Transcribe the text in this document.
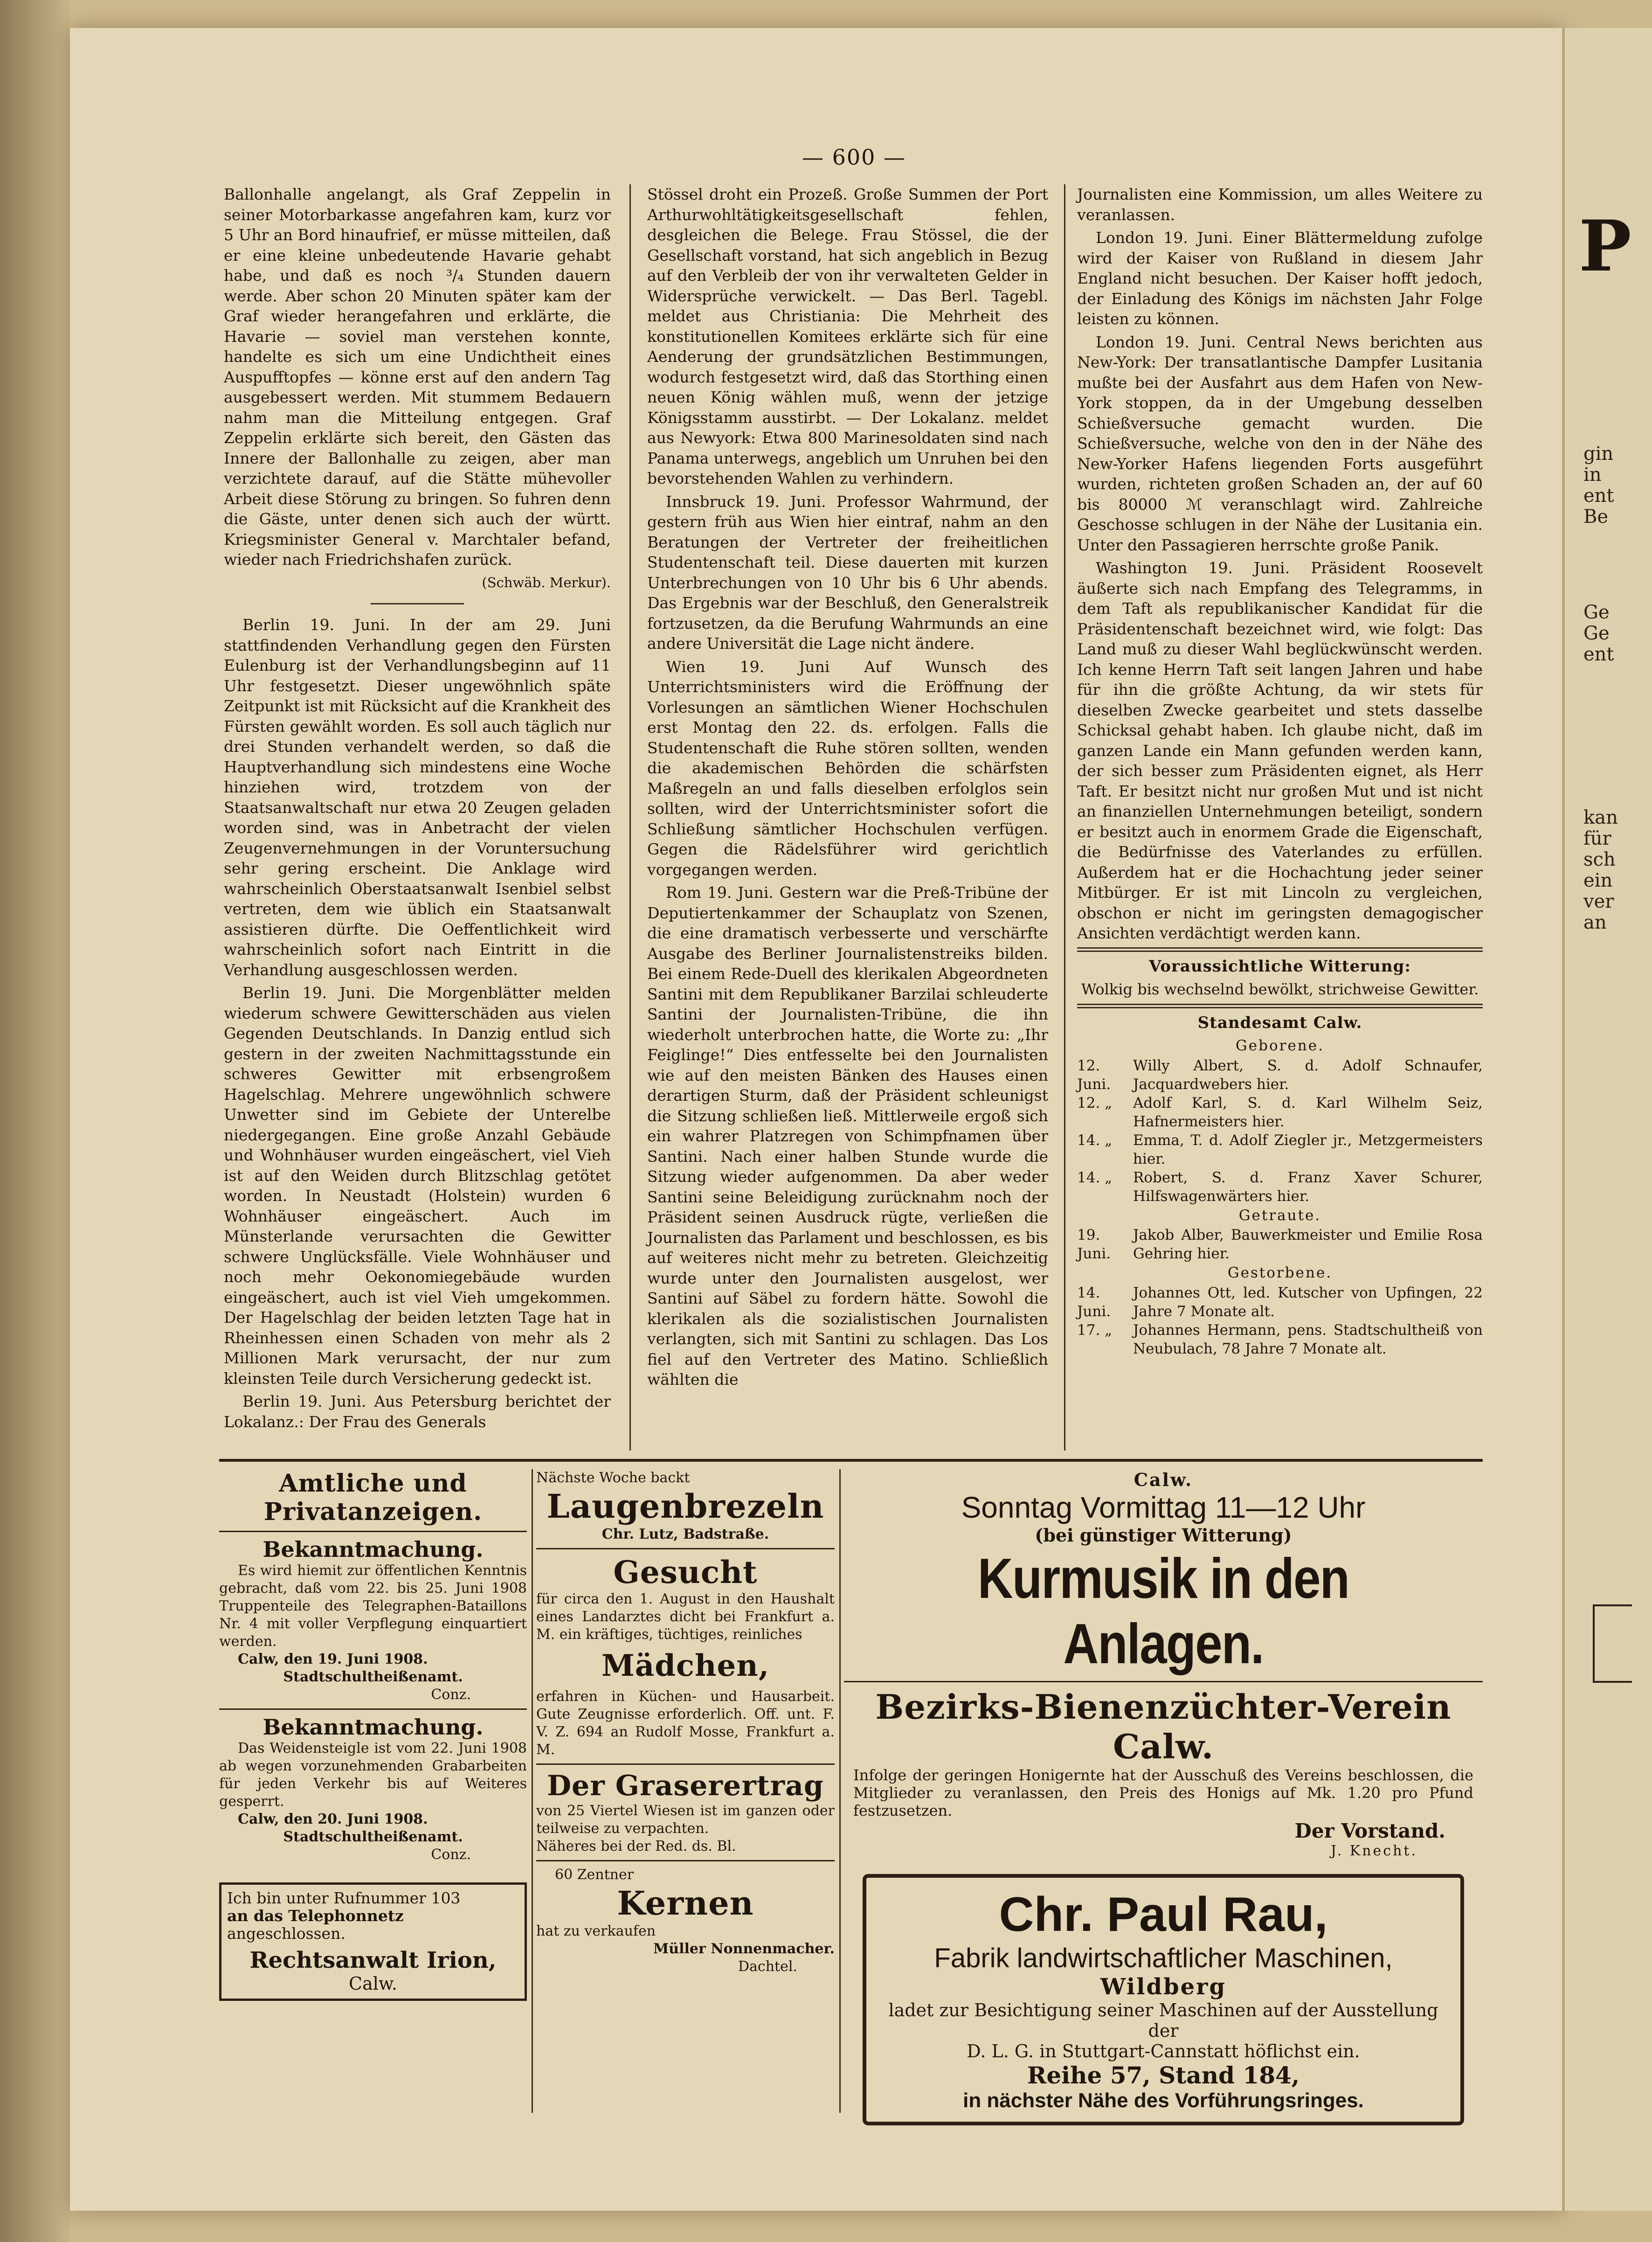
P
gin
in
ent
Be
Ge
Ge
ent
kan
für
sch
ein
ver
an
— 600 —

Ballonhalle angelangt, als Graf Zeppelin in seiner Motorbarkasse angefahren kam, kurz vor 5 Uhr an Bord hinaufrief, er müsse mitteilen, daß er eine kleine unbedeutende Havarie gehabt habe, und daß es noch ³/₄ Stunden dauern werde. Aber schon 20 Minuten später kam der Graf wieder herangefahren und erklärte, die Havarie — soviel man verstehen konnte, handelte es sich um eine Undichtheit eines Auspufftopfes — könne erst auf den andern Tag ausgebessert werden. Mit stummem Bedauern nahm man die Mitteilung entgegen. Graf Zeppelin erklärte sich bereit, den Gästen das Innere der Ballonhalle zu zeigen, aber man verzichtete darauf, auf die Stätte mühevoller Arbeit diese Störung zu bringen. So fuhren denn die Gäste, unter denen sich auch der württ. Kriegsminister General v. Marchtaler befand, wieder nach Friedrichshafen zurück.

(Schwäb. Merkur).

Berlin 19. Juni. In der am 29. Juni stattfindenden Verhandlung gegen den Fürsten Eulenburg ist der Verhandlungsbeginn auf 11 Uhr festgesetzt. Dieser ungewöhnlich späte Zeitpunkt ist mit Rücksicht auf die Krankheit des Fürsten gewählt worden. Es soll auch täglich nur drei Stunden verhandelt werden, so daß die Hauptverhandlung sich mindestens eine Woche hinziehen wird, trotzdem von der Staatsanwaltschaft nur etwa 20 Zeugen geladen worden sind, was in Anbetracht der vielen Zeugenvernehmungen in der Voruntersuchung sehr gering erscheint. Die Anklage wird wahrscheinlich Oberstaatsanwalt Isenbiel selbst vertreten, dem wie üblich ein Staatsanwalt assistieren dürfte. Die Oeffentlichkeit wird wahrscheinlich sofort nach Eintritt in die Verhandlung ausgeschlossen werden.

Berlin 19. Juni. Die Morgenblätter melden wiederum schwere Gewitterschäden aus vielen Gegenden Deutschlands. In Danzig entlud sich gestern in der zweiten Nachmittagsstunde ein schweres Gewitter mit erbsengroßem Hagelschlag. Mehrere ungewöhnlich schwere Unwetter sind im Gebiete der Unterelbe niedergegangen. Eine große Anzahl Gebäude und Wohnhäuser wurden eingeäschert, viel Vieh ist auf den Weiden durch Blitzschlag getötet worden. In Neustadt (Holstein) wurden 6 Wohnhäuser eingeäschert. Auch im Münsterlande verursachten die Gewitter schwere Unglücksfälle. Viele Wohnhäuser und noch mehr Oekonomiegebäude wurden eingeäschert, auch ist viel Vieh umgekommen. Der Hagelschlag der beiden letzten Tage hat in Rheinhessen einen Schaden von mehr als 2 Millionen Mark verursacht, der nur zum kleinsten Teile durch Versicherung gedeckt ist.

Berlin 19. Juni. Aus Petersburg berichtet der Lokalanz.: Der Frau des Generals

Stössel droht ein Prozeß. Große Summen der Port Arthurwohltätigkeitsgesellschaft fehlen, desgleichen die Belege. Frau Stössel, die der Gesellschaft vorstand, hat sich angeblich in Bezug auf den Verbleib der von ihr verwalteten Gelder in Widersprüche verwickelt. — Das Berl. Tagebl. meldet aus Christiania: Die Mehrheit des konstitutionellen Komitees erklärte sich für eine Aenderung der grundsätzlichen Bestimmungen, wodurch festgesetzt wird, daß das Storthing einen neuen König wählen muß, wenn der jetzige Königsstamm ausstirbt. — Der Lokalanz. meldet aus Newyork: Etwa 800 Marinesoldaten sind nach Panama unterwegs, angeblich um Unruhen bei den bevorstehenden Wahlen zu verhindern.

Innsbruck 19. Juni. Professor Wahrmund, der gestern früh aus Wien hier eintraf, nahm an den Beratungen der Vertreter der freiheitlichen Studentenschaft teil. Diese dauerten mit kurzen Unterbrechungen von 10 Uhr bis 6 Uhr abends. Das Ergebnis war der Beschluß, den Generalstreik fortzusetzen, da die Berufung Wahrmunds an eine andere Universität die Lage nicht ändere.

Wien 19. Juni Auf Wunsch des Unterrichtsministers wird die Eröffnung der Vorlesungen an sämtlichen Wiener Hochschulen erst Montag den 22. ds. erfolgen. Falls die Studentenschaft die Ruhe stören sollten, wenden die akademischen Behörden die schärfsten Maßregeln an und falls dieselben erfolglos sein sollten, wird der Unterrichtsminister sofort die Schließung sämtlicher Hochschulen verfügen. Gegen die Rädelsführer wird gerichtlich vorgegangen werden.

Rom 19. Juni. Gestern war die Preß-Tribüne der Deputiertenkammer der Schauplatz von Szenen, die eine dramatisch verbesserte und verschärfte Ausgabe des Berliner Journalistenstreiks bilden. Bei einem Rede-Duell des klerikalen Abgeordneten Santini mit dem Republikaner Barzilai schleuderte Santini der Journalisten-Tribüne, die ihn wiederholt unterbrochen hatte, die Worte zu: „Ihr Feiglinge!“ Dies entfesselte bei den Journalisten wie auf den meisten Bänken des Hauses einen derartigen Sturm, daß der Präsident schleunigst die Sitzung schließen ließ. Mittlerweile ergoß sich ein wahrer Platzregen von Schimpfnamen über Santini. Nach einer halben Stunde wurde die Sitzung wieder aufgenommen. Da aber weder Santini seine Beleidigung zurücknahm noch der Präsident seinen Ausdruck rügte, verließen die Journalisten das Parlament und beschlossen, es bis auf weiteres nicht mehr zu betreten. Gleichzeitig wurde unter den Journalisten ausgelost, wer Santini auf Säbel zu fordern hätte. Sowohl die klerikalen als die sozialistischen Journalisten verlangten, sich mit Santini zu schlagen. Das Los fiel auf den Vertreter des Matino. Schließlich wählten die

Journalisten eine Kommission, um alles Weitere zu veranlassen.

London 19. Juni. Einer Blättermeldung zufolge wird der Kaiser von Rußland in diesem Jahr England nicht besuchen. Der Kaiser hofft jedoch, der Einladung des Königs im nächsten Jahr Folge leisten zu können.

London 19. Juni. Central News berichten aus New-York: Der transatlantische Dampfer Lusitania mußte bei der Ausfahrt aus dem Hafen von New-York stoppen, da in der Umgebung desselben Schießversuche gemacht wurden. Die Schießversuche, welche von den in der Nähe des New-Yorker Hafens liegenden Forts ausgeführt wurden, richteten großen Schaden an, der auf 60 bis 80000 ℳ veranschlagt wird. Zahlreiche Geschosse schlugen in der Nähe der Lusitania ein. Unter den Passagieren herrschte große Panik.

Washington 19. Juni. Präsident Roosevelt äußerte sich nach Empfang des Telegramms, in dem Taft als republikanischer Kandidat für die Präsidentenschaft bezeichnet wird, wie folgt: Das Land muß zu dieser Wahl beglückwünscht werden. Ich kenne Herrn Taft seit langen Jahren und habe für ihn die größte Achtung, da wir stets für dieselben Zwecke gearbeitet und stets dasselbe Schicksal gehabt haben. Ich glaube nicht, daß im ganzen Lande ein Mann gefunden werden kann, der sich besser zum Präsidenten eignet, als Herr Taft. Er besitzt nicht nur großen Mut und ist nicht an finanziellen Unternehmungen beteiligt, sondern er besitzt auch in enormem Grade die Eigenschaft, die Bedürfnisse des Vaterlandes zu erfüllen. Außerdem hat er die Hochachtung jeder seiner Mitbürger. Er ist mit Lincoln zu vergleichen, obschon er nicht im geringsten demagogischer Ansichten verdächtigt werden kann.

Voraussichtliche Witterung:
Wolkig bis wechselnd bewölkt, strichweise Gewitter.
Standesamt Calw.
Geborene.
12. Juni.	Willy Albert, S. d. Adolf Schnaufer, Jacquardwebers hier.
12. „	Adolf Karl, S. d. Karl Wilhelm Seiz, Hafnermeisters hier.
14. „	Emma, T. d. Adolf Ziegler jr., Metzgermeisters hier.
14. „	Robert, S. d. Franz Xaver Schurer, Hilfswagenwärters hier.
Getraute.
19. Juni.	Jakob Alber, Bauwerkmeister und Emilie Rosa Gehring hier.
Gestorbene.
14. Juni.	Johannes Ott, led. Kutscher von Upfingen, 22 Jahre 7 Monate alt.
17. „	Johannes Hermann, pens. Stadtschultheiß von Neubulach, 78 Jahre 7 Monate alt.
Amtliche und Privatanzeigen.
Bekanntmachung.
Es wird hiemit zur öffentlichen Kenntnis gebracht, daß vom 22. bis 25. Juni 1908 Truppenteile des Telegraphen-Bataillons Nr. 4 mit voller Verpflegung einquartiert werden.
Calw, den 19. Juni 1908.
Stadtschultheißenamt.
Conz.
Bekanntmachung.
Das Weidensteigle ist vom 22. Juni 1908 ab wegen vorzunehmenden Grabarbeiten für jeden Verkehr bis auf Weiteres gesperrt.
Calw, den 20. Juni 1908.
Stadtschultheißenamt.
Conz.
Ich bin unter Rufnummer 103
an das Telephonnetz
angeschlossen.
Rechtsanwalt Irion,
Calw.
Nächste Woche backt
Laugenbrezeln
Chr. Lutz, Badstraße.
Gesucht
für circa den 1. August in den Haushalt eines Landarztes dicht bei Frankfurt a. M. ein kräftiges, tüchtiges, reinliches
Mädchen,
erfahren in Küchen- und Hausarbeit. Gute Zeugnisse erforderlich. Off. unt. F. V. Z. 694 an Rudolf Mosse, Frankfurt a. M.
Der Graserertrag
von 25 Viertel Wiesen ist im ganzen oder teilweise zu verpachten.
Näheres bei der Red. ds. Bl.
60 Zentner
Kernen
hat zu verkaufen
Müller Nonnenmacher.
Dachtel.
Calw.
Sonntag Vormittag 11—12 Uhr
(bei günstiger Witterung)
Kurmusik in den Anlagen.
Bezirks-Bienenzüchter-Verein Calw.
Infolge der geringen Honigernte hat der Ausschuß des Vereins beschlossen, die Mitglieder zu veranlassen, den Preis des Honigs auf Mk. 1.20 pro Pfund festzusetzen.
Der Vorstand.
J. Knecht.
Chr. Paul Rau,
Fabrik landwirtschaftlicher Maschinen,
Wildberg
ladet zur Besichtigung seiner Maschinen auf der Ausstellung der
D. L. G. in Stuttgart-Cannstatt höflichst ein.
Reihe 57, Stand 184,
in nächster Nähe des Vorführungsringes.
